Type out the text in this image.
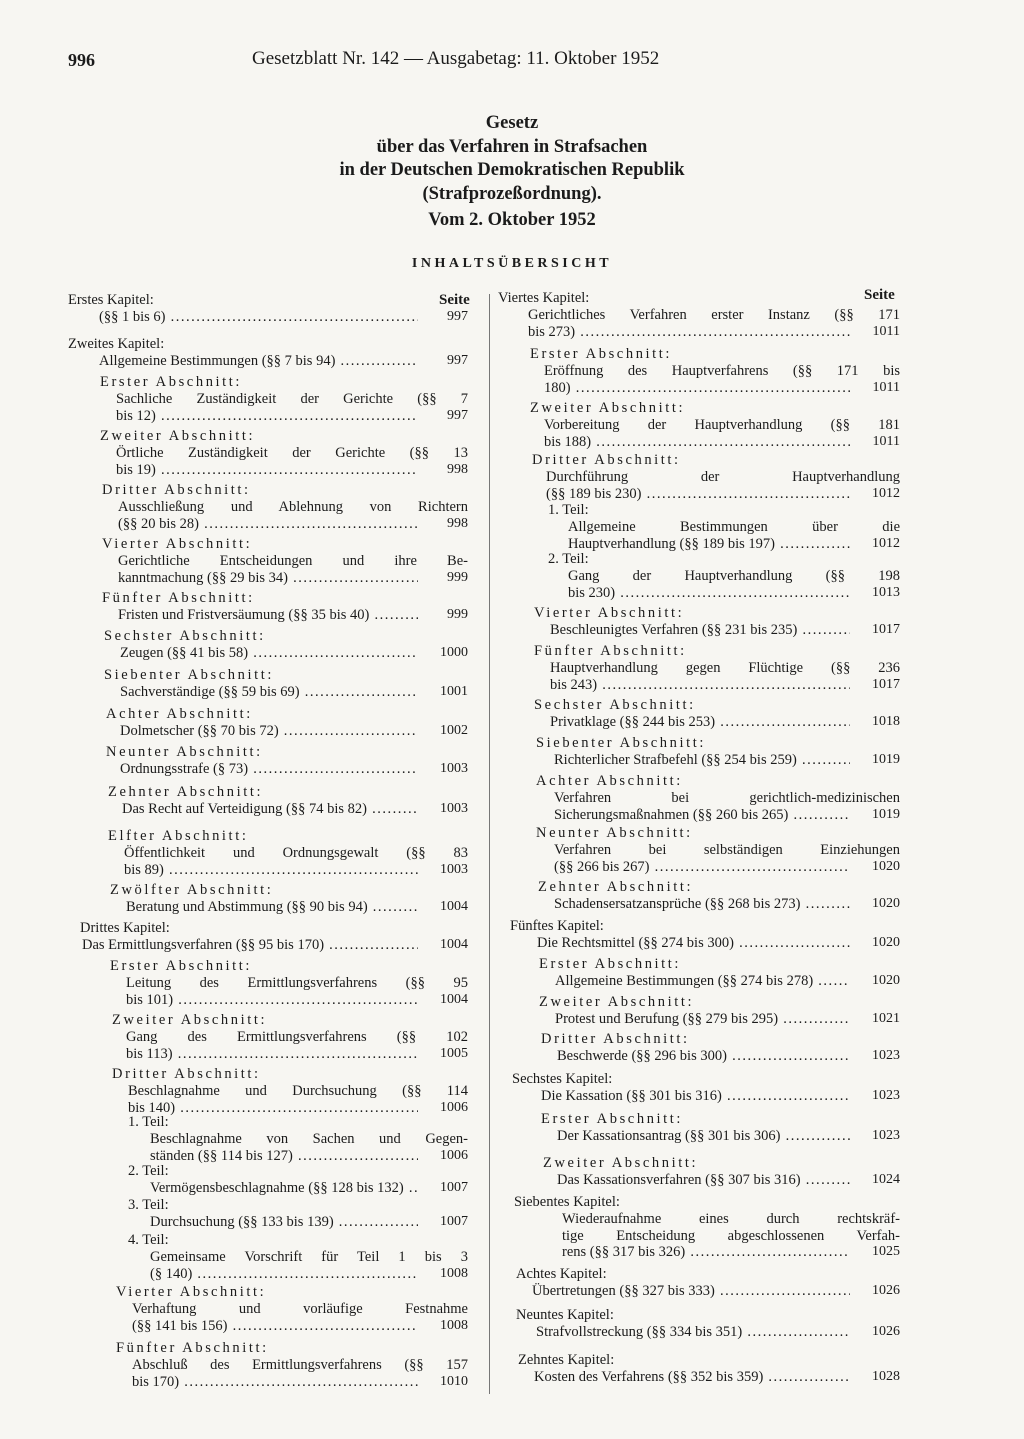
996	Gesetzblatt Nr. 142 — Ausgabetag: 11. Oktober 1952
Gesetz
über das Verfahren in Strafsachen
in der Deutschen Demokratischen Republik
(Strafprozeßordnung).
Vom 2. Oktober 1952
INHALTSÜBERSICHT
Seite	Seite
Erstes Kapitel:
(§§ 1 bis 6) .....	997
Zweites Kapitel:
Allgemeine Bestimmungen (§§ 7 bis 94) .....	997
Erster Abschnitt:
Sachliche Zuständigkeit der Gerichte (§§ 7
bis 12) .....	997
Zweiter Abschnitt:
Örtliche Zuständigkeit der Gerichte (§§ 13
bis 19) .....	998
Dritter Abschnitt:
Ausschließung und Ablehnung von Richtern
(§§ 20 bis 28) .....	998
Vierter Abschnitt:
Gerichtliche Entscheidungen und ihre Be-
kanntmachung (§§ 29 bis 34) .....	999
Fünfter Abschnitt:
Fristen und Fristversäumung (§§ 35 bis 40) .....	999
Sechster Abschnitt:
Zeugen (§§ 41 bis 58) .....	1000
Siebenter Abschnitt:
Sachverständige (§§ 59 bis 69) .....	1001
Achter Abschnitt:
Dolmetscher (§§ 70 bis 72) .....	1002
Neunter Abschnitt:
Ordnungsstrafe (§ 73) .....	1003
Zehnter Abschnitt:
Das Recht auf Verteidigung (§§ 74 bis 82) .....	1003
Elfter Abschnitt:
Öffentlichkeit und Ordnungsgewalt (§§ 83
bis 89) .....	1003
Zwölfter Abschnitt:
Beratung und Abstimmung (§§ 90 bis 94) .....	1004
Drittes Kapitel:
Das Ermittlungsverfahren (§§ 95 bis 170) .....	1004
Erster Abschnitt:
Leitung des Ermittlungsverfahrens (§§ 95
bis 101) .....	1004
Zweiter Abschnitt:
Gang des Ermittlungsverfahrens (§§ 102
bis 113) .....	1005
Dritter Abschnitt:
Beschlagnahme und Durchsuchung (§§ 114
bis 140) .....	1006
1. Teil:
Beschlagnahme von Sachen und Gegen-
ständen (§§ 114 bis 127) .....	1006
2. Teil:
Vermögensbeschlagnahme (§§ 128 bis 132) .....	1007
3. Teil:
Durchsuchung (§§ 133 bis 139) .....	1007
4. Teil:
Gemeinsame Vorschrift für Teil 1 bis 3
(§ 140) .....	1008
Vierter Abschnitt:
Verhaftung und vorläufige Festnahme
(§§ 141 bis 156) .....	1008
Fünfter Abschnitt:
Abschluß des Ermittlungsverfahrens (§§ 157
bis 170) .....	1010
Viertes Kapitel:
Gerichtliches Verfahren erster Instanz (§§ 171
bis 273) .....	1011
Erster Abschnitt:
Eröffnung des Hauptverfahrens (§§ 171 bis
180) .....	1011
Zweiter Abschnitt:
Vorbereitung der Hauptverhandlung (§§ 181
bis 188) .....	1011
Dritter Abschnitt:
Durchführung der Hauptverhandlung
(§§ 189 bis 230) .....	1012
1. Teil:
Allgemeine Bestimmungen über die
Hauptverhandlung (§§ 189 bis 197) .....	1012
2. Teil:
Gang der Hauptverhandlung (§§ 198
bis 230) .....	1013
Vierter Abschnitt:
Beschleunigtes Verfahren (§§ 231 bis 235) .....	1017
Fünfter Abschnitt:
Hauptverhandlung gegen Flüchtige (§§ 236
bis 243) .....	1017
Sechster Abschnitt:
Privatklage (§§ 244 bis 253) .....	1018
Siebenter Abschnitt:
Richterlicher Strafbefehl (§§ 254 bis 259) .....	1019
Achter Abschnitt:
Verfahren bei gerichtlich-medizinischen
Sicherungsmaßnahmen (§§ 260 bis 265) .....	1019
Neunter Abschnitt:
Verfahren bei selbständigen Einziehungen
(§§ 266 bis 267) .....	1020
Zehnter Abschnitt:
Schadensersatzansprüche (§§ 268 bis 273) .....	1020
Fünftes Kapitel:
Die Rechtsmittel (§§ 274 bis 300) .....	1020
Erster Abschnitt:
Allgemeine Bestimmungen (§§ 274 bis 278) .....	1020
Zweiter Abschnitt:
Protest und Berufung (§§ 279 bis 295) .....	1021
Dritter Abschnitt:
Beschwerde (§§ 296 bis 300) .....	1023
Sechstes Kapitel:
Die Kassation (§§ 301 bis 316) .....	1023
Erster Abschnitt:
Der Kassationsantrag (§§ 301 bis 306) .....	1023
Zweiter Abschnitt:
Das Kassationsverfahren (§§ 307 bis 316) .....	1024
Siebentes Kapitel:
Wiederaufnahme eines durch rechtskräf-
tige Entscheidung abgeschlossenen Verfah-
rens (§§ 317 bis 326) .....	1025
Achtes Kapitel:
Übertretungen (§§ 327 bis 333) .....	1026
Neuntes Kapitel:
Strafvollstreckung (§§ 334 bis 351) .....	1026
Zehntes Kapitel:
Kosten des Verfahrens (§§ 352 bis 359) .....	1028
